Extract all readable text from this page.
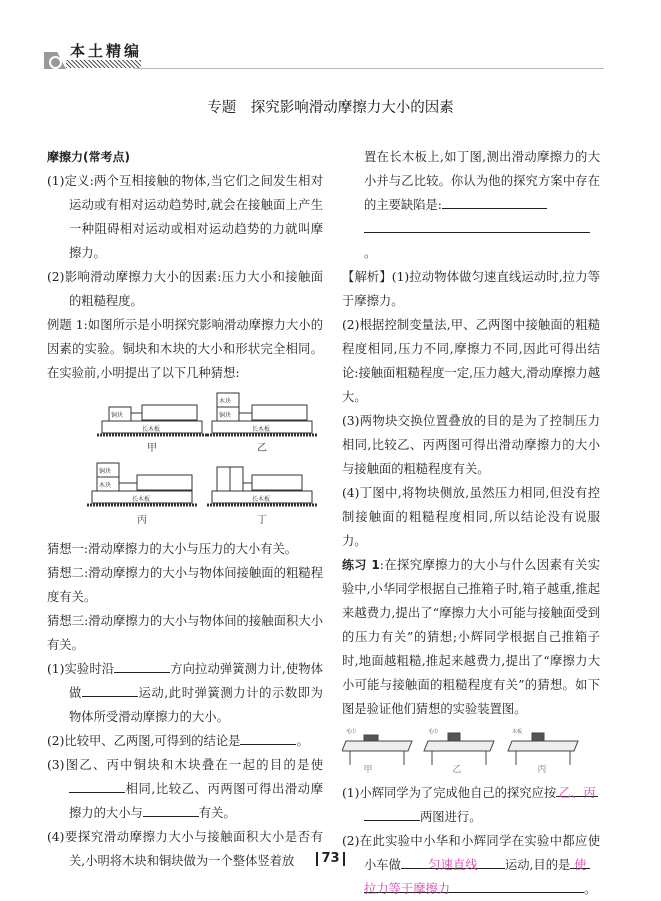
本土精编
专题　探究影响滑动摩擦力大小的因素

摩擦力(常考点)

(1)定义:两个互相接触的物体,当它们之间发生相对运动或有相对运动趋势时,就会在接触面上产生一种阻碍相对运动或相对运动趋势的力就叫摩擦力。

(2)影响滑动摩擦力大小的因素:压力大小和接触面的粗糙程度。

例题 1:如图所示是小明探究影响滑动摩擦力大小的因素的实验。铜块和木块的大小和形状完全相同。在实验前,小明提出了以下几种猜想:

铜块
长木板
木块
铜块
长木板
铜块
木块
长木板	长木板
甲	乙
丙	丁

猜想一:滑动摩擦力的大小与压力的大小有关。

猜想二:滑动摩擦力的大小与物体间接触面的粗糙程度有关。

猜想三:滑动摩擦力的大小与物体间的接触面积大小有关。

(1)实验时沿	方向拉动弹簧测力计,使物体做	运动,此时弹簧测力计的示数即为物体所受滑动摩擦力的大小。

(2)比较甲、乙两图,可得到的结论是	。

(3)图乙、丙中铜块和木块叠在一起的目的是使相同,比较乙、丙两图可得出滑动摩擦力的大小与	有关。

(4)要探究滑动摩擦力大小与接触面积大小是否有关,小明将木块和铜块做为一个整体竖着放

置在长木板上,如丁图,测出滑动摩擦力的大小并与乙比较。你认为他的探究方案中存在的主要缺陷是:
。

【解析】(1)拉动物体做匀速直线运动时,拉力等于摩擦力。

(2)根据控制变量法,甲、乙两图中接触面的粗糙程度相同,压力不同,摩擦力不同,因此可得出结论:接触面粗糙程度一定,压力越大,滑动摩擦力越大。

(3)两物块交换位置叠放的目的是为了控制压力相同,比较乙、丙两图可得出滑动摩擦力的大小与接触面的粗糙程度有关。

(4)丁图中,将物块侧放,虽然压力相同,但没有控制接触面的粗糙程度相同,所以结论没有说服力。

练习 1:在探究摩擦力的大小与什么因素有关实验中,小华同学根据自己推箱子时,箱子越重,推起来越费力,提出了“摩擦力大小可能与接触面受到的压力有关”的猜想;小辉同学根据自己推箱子时,地面越粗糙,推起来越费力,提出了“摩擦力大小可能与接触面的粗糙程度有关”的猜想。如下图是验证他们猜想的实验装置图。

毛巾	毛巾	木板
甲	乙	丙

(1)小辉同学为了完成他自己的探究应按 乙、丙
两图进行。

(2)在此实验中小华和小辉同学在实验中都应使小车做 匀速直线 运动,目的是 使
拉力等于摩擦力	。

73
